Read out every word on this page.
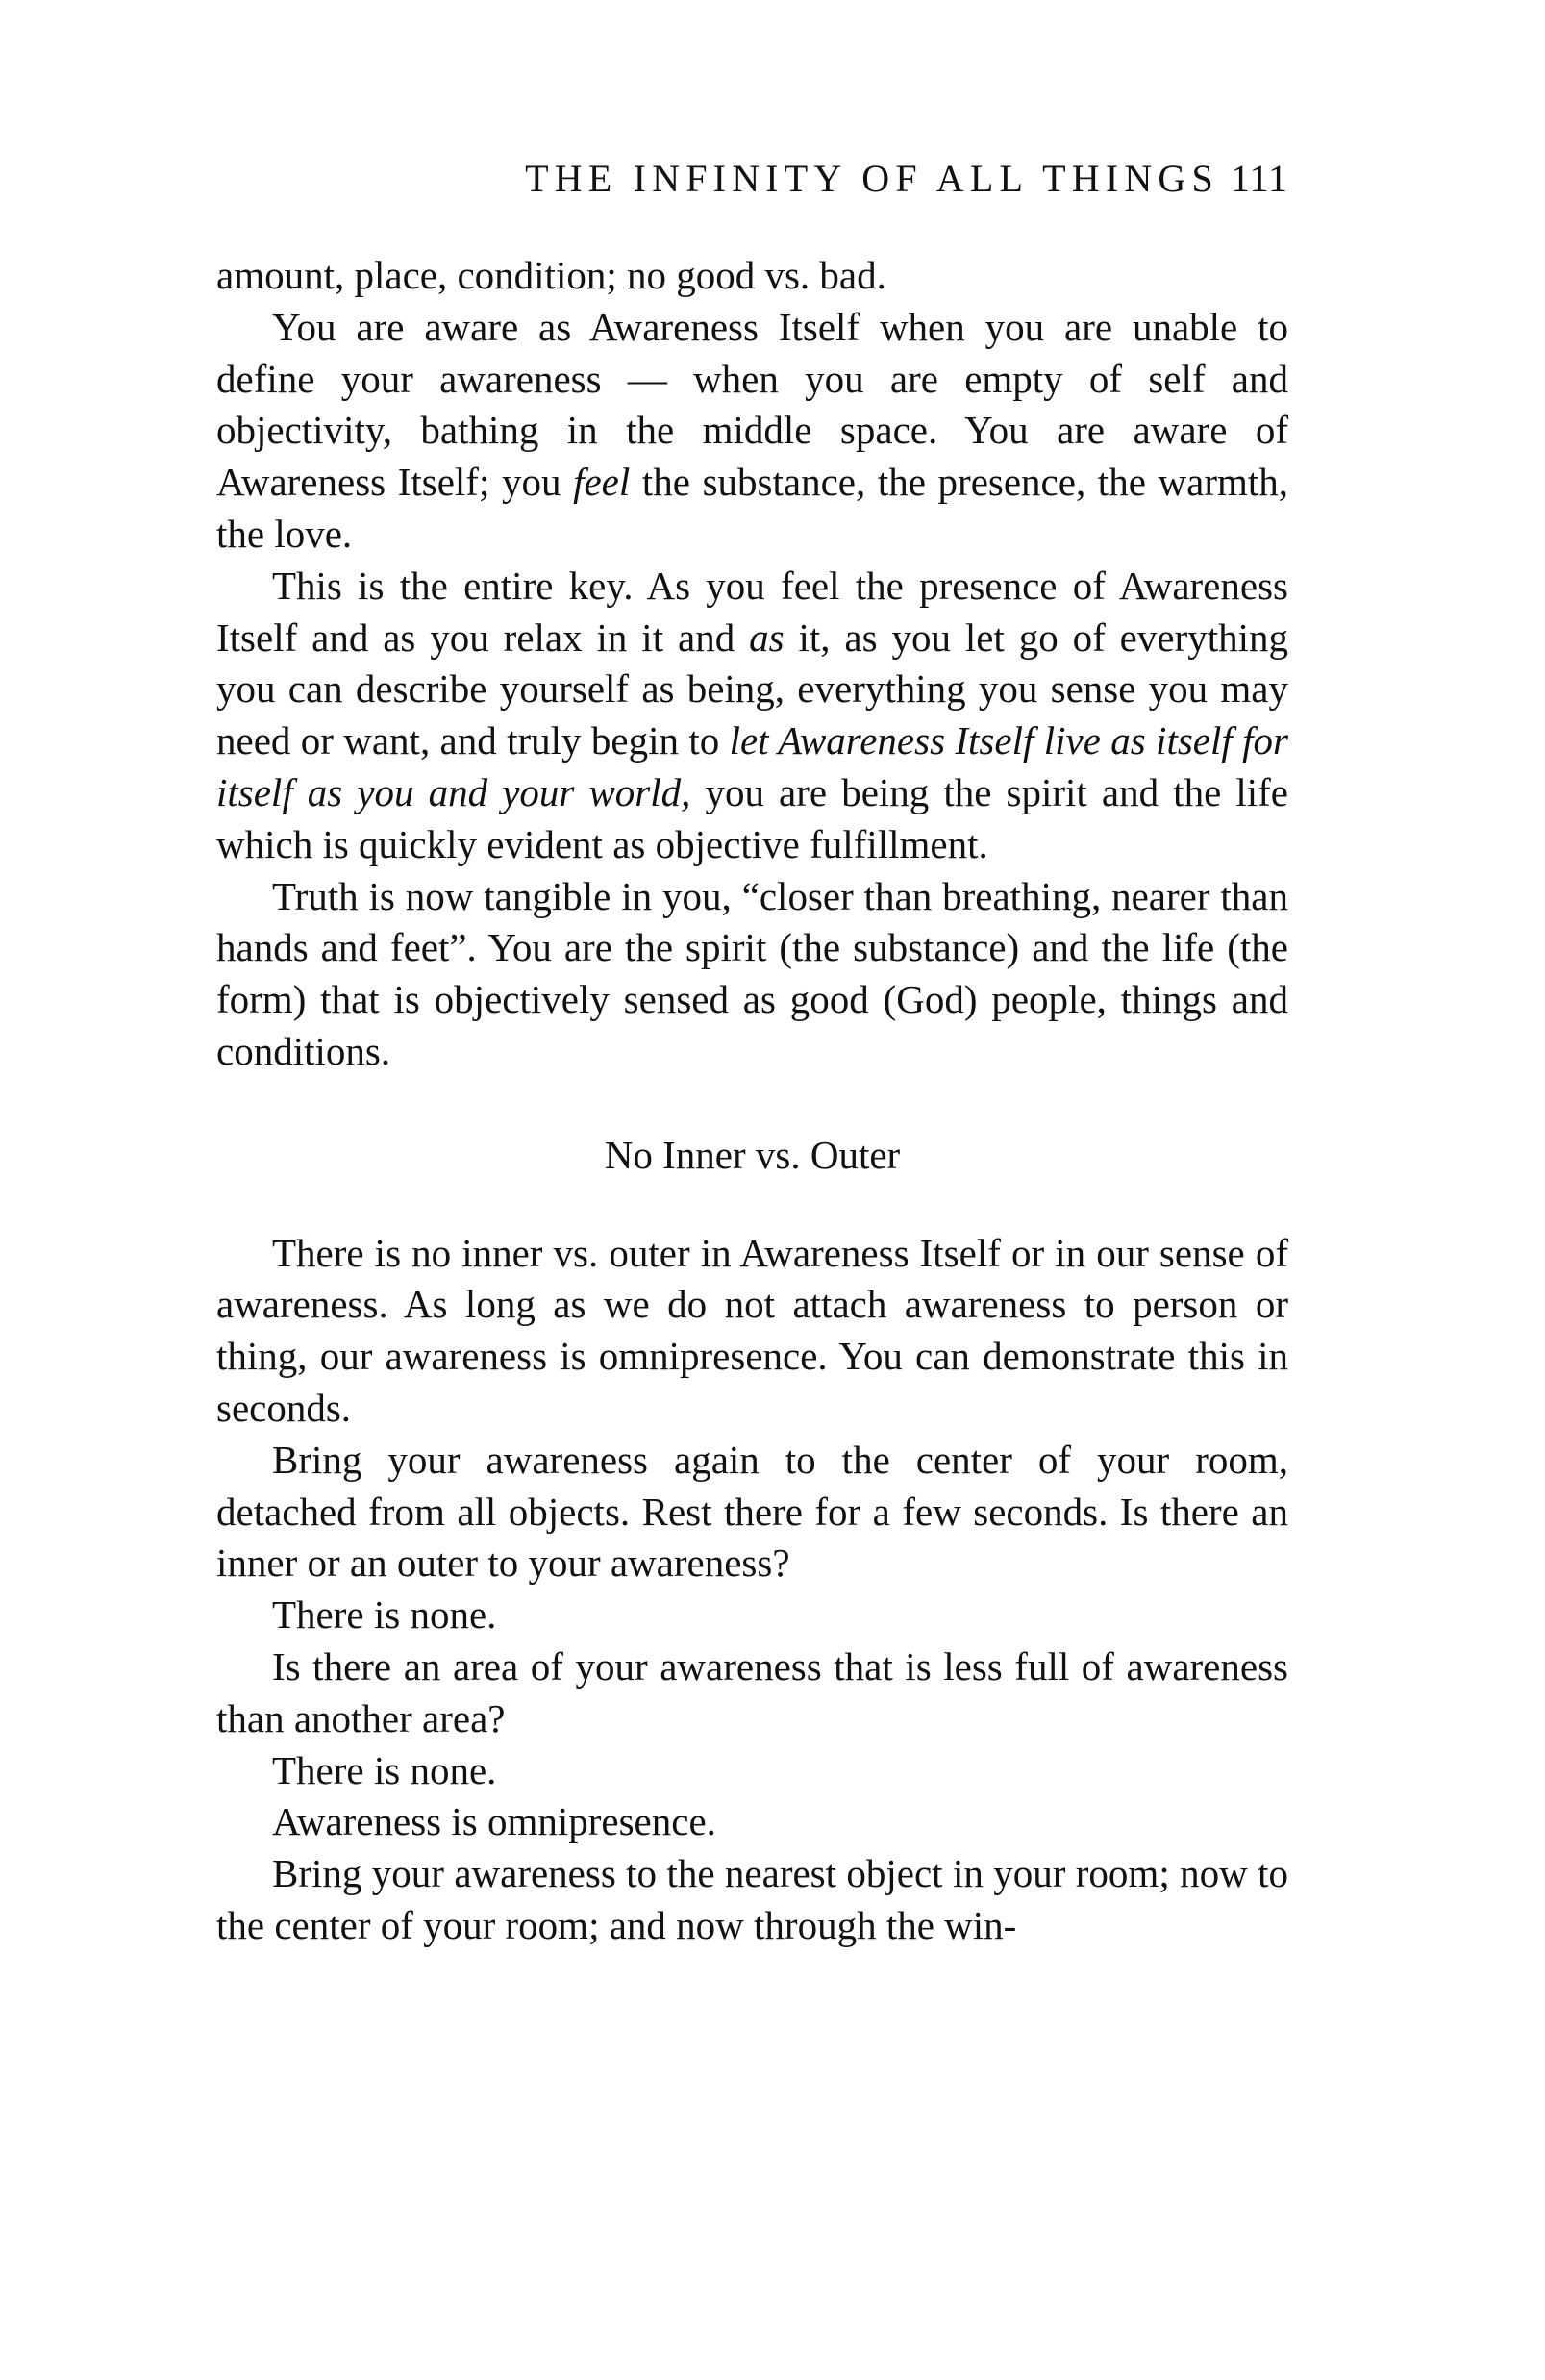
THE INFINITY OF ALL THINGS 111

amount, place, condition; no good vs. bad.

You are aware as Awareness Itself when you are unable to define your awareness — when you are empty of self and objectivity, bathing in the middle space. You are aware of Awareness Itself; you feel the substance, the presence, the warmth, the love.

This is the entire key. As you feel the presence of Awareness Itself and as you relax in it and as it, as you let go of everything you can describe yourself as being, everything you sense you may need or want, and truly begin to let Awareness Itself live as itself for itself as you and your world, you are being the spirit and the life which is quickly evident as objective fulfillment.

Truth is now tangible in you, “closer than breathing, nearer than hands and feet”. You are the spirit (the substance) and the life (the form) that is objectively sensed as good (God) people, things and conditions.

No Inner vs. Outer

There is no inner vs. outer in Awareness Itself or in our sense of awareness. As long as we do not attach awareness to person or thing, our awareness is omnipresence. You can demonstrate this in seconds.

Bring your awareness again to the center of your room, detached from all objects. Rest there for a few seconds. Is there an inner or an outer to your awareness?

There is none.

Is there an area of your awareness that is less full of awareness than another area?

There is none.

Awareness is omnipresence.

Bring your awareness to the nearest object in your room; now to the center of your room; and now through the win-
